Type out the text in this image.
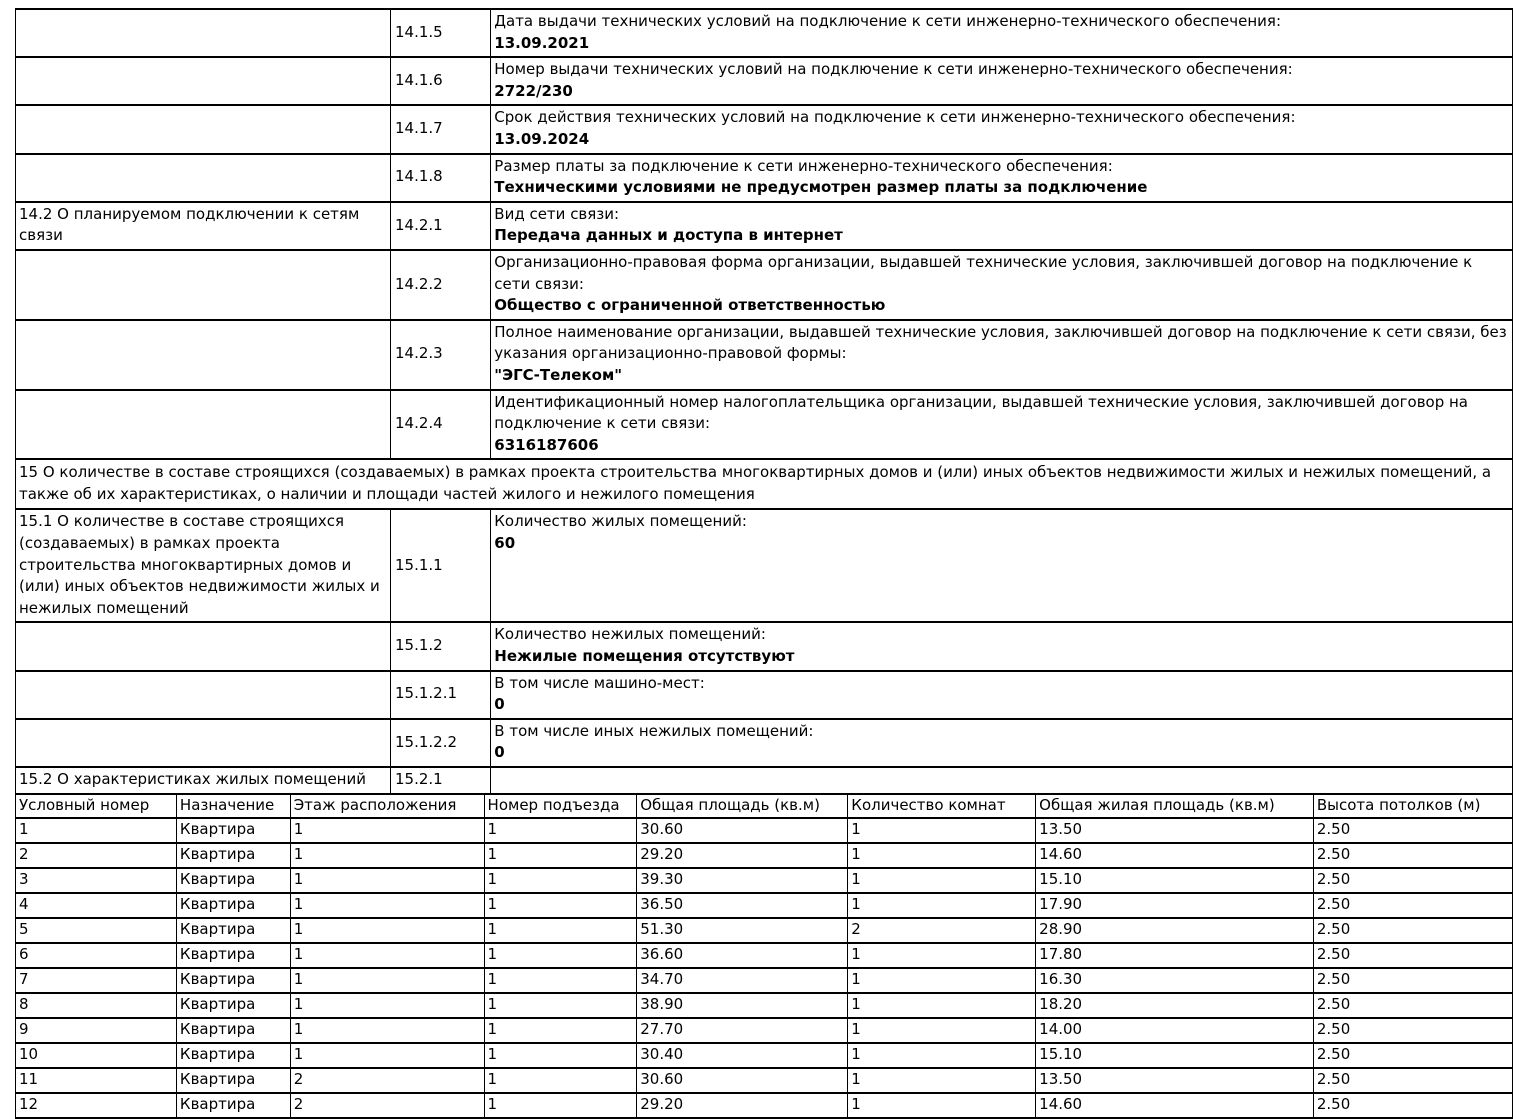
	14.1.5	Дата выдачи технических условий на подключение к сети инженерно-технического обеспечения:
13.09.2021

	14.1.6	Номер выдачи технических условий на подключение к сети инженерно-технического обеспечения:
2722/230

	14.1.7	Срок действия технических условий на подключение к сети инженерно-технического обеспечения:
13.09.2024

	14.1.8	Размер платы за подключение к сети инженерно-технического обеспечения:
Техническими условиями не предусмотрен размер платы за подключение

14.2 О планируемом подключении к сетям связи	14.2.1	Вид сети связи:
Передача данных и доступа в интернет

	14.2.2	Организационно-правовая форма организации, выдавшей технические условия, заключившей договор на подключение к сети связи:
Общество с ограниченной ответственностью

	14.2.3	Полное наименование организации, выдавшей технические условия, заключившей договор на подключение к сети связи, без указания организационно-правовой формы:
"ЭГС-Телеком"

	14.2.4	Идентификационный номер налогоплательщика организации, выдавшей технические условия, заключившей договор на подключение к сети связи:
6316187606

15 О количестве в составе строящихся (создаваемых) в рамках проекта строительства многоквартирных домов и (или) иных объектов недвижимости жилых и нежилых помещений, а также об их характеристиках, о наличии и площади частей жилого и нежилого помещения		
15.1 О количестве в составе строящихся (создаваемых) в рамках проекта строительства многоквартирных домов и (или) иных объектов недвижимости жилых и нежилых помещений	15.1.1	Количество жилых помещений:
60

	15.1.2	Количество нежилых помещений:
Нежилые помещения отсутствуют

	15.1.2.1	В том числе машино-мест:
0

	15.1.2.2	В том числе иных нежилых помещений:
0

15.2 О характеристиках жилых помещений	15.2.1	
Условный номер	Назначение	Этаж расположения	Номер подъезда	Общая площадь (кв.м)	Количество комнат	Общая жилая площадь (кв.м)	Высота потолков (м)
1	Квартира	1	1	30.60	1	13.50	2.50
2	Квартира	1	1	29.20	1	14.60	2.50
3	Квартира	1	1	39.30	1	15.10	2.50
4	Квартира	1	1	36.50	1	17.90	2.50
5	Квартира	1	1	51.30	2	28.90	2.50
6	Квартира	1	1	36.60	1	17.80	2.50
7	Квартира	1	1	34.70	1	16.30	2.50
8	Квартира	1	1	38.90	1	18.20	2.50
9	Квартира	1	1	27.70	1	14.00	2.50
10	Квартира	1	1	30.40	1	15.10	2.50
11	Квартира	2	1	30.60	1	13.50	2.50
12	Квартира	2	1	29.20	1	14.60	2.50
